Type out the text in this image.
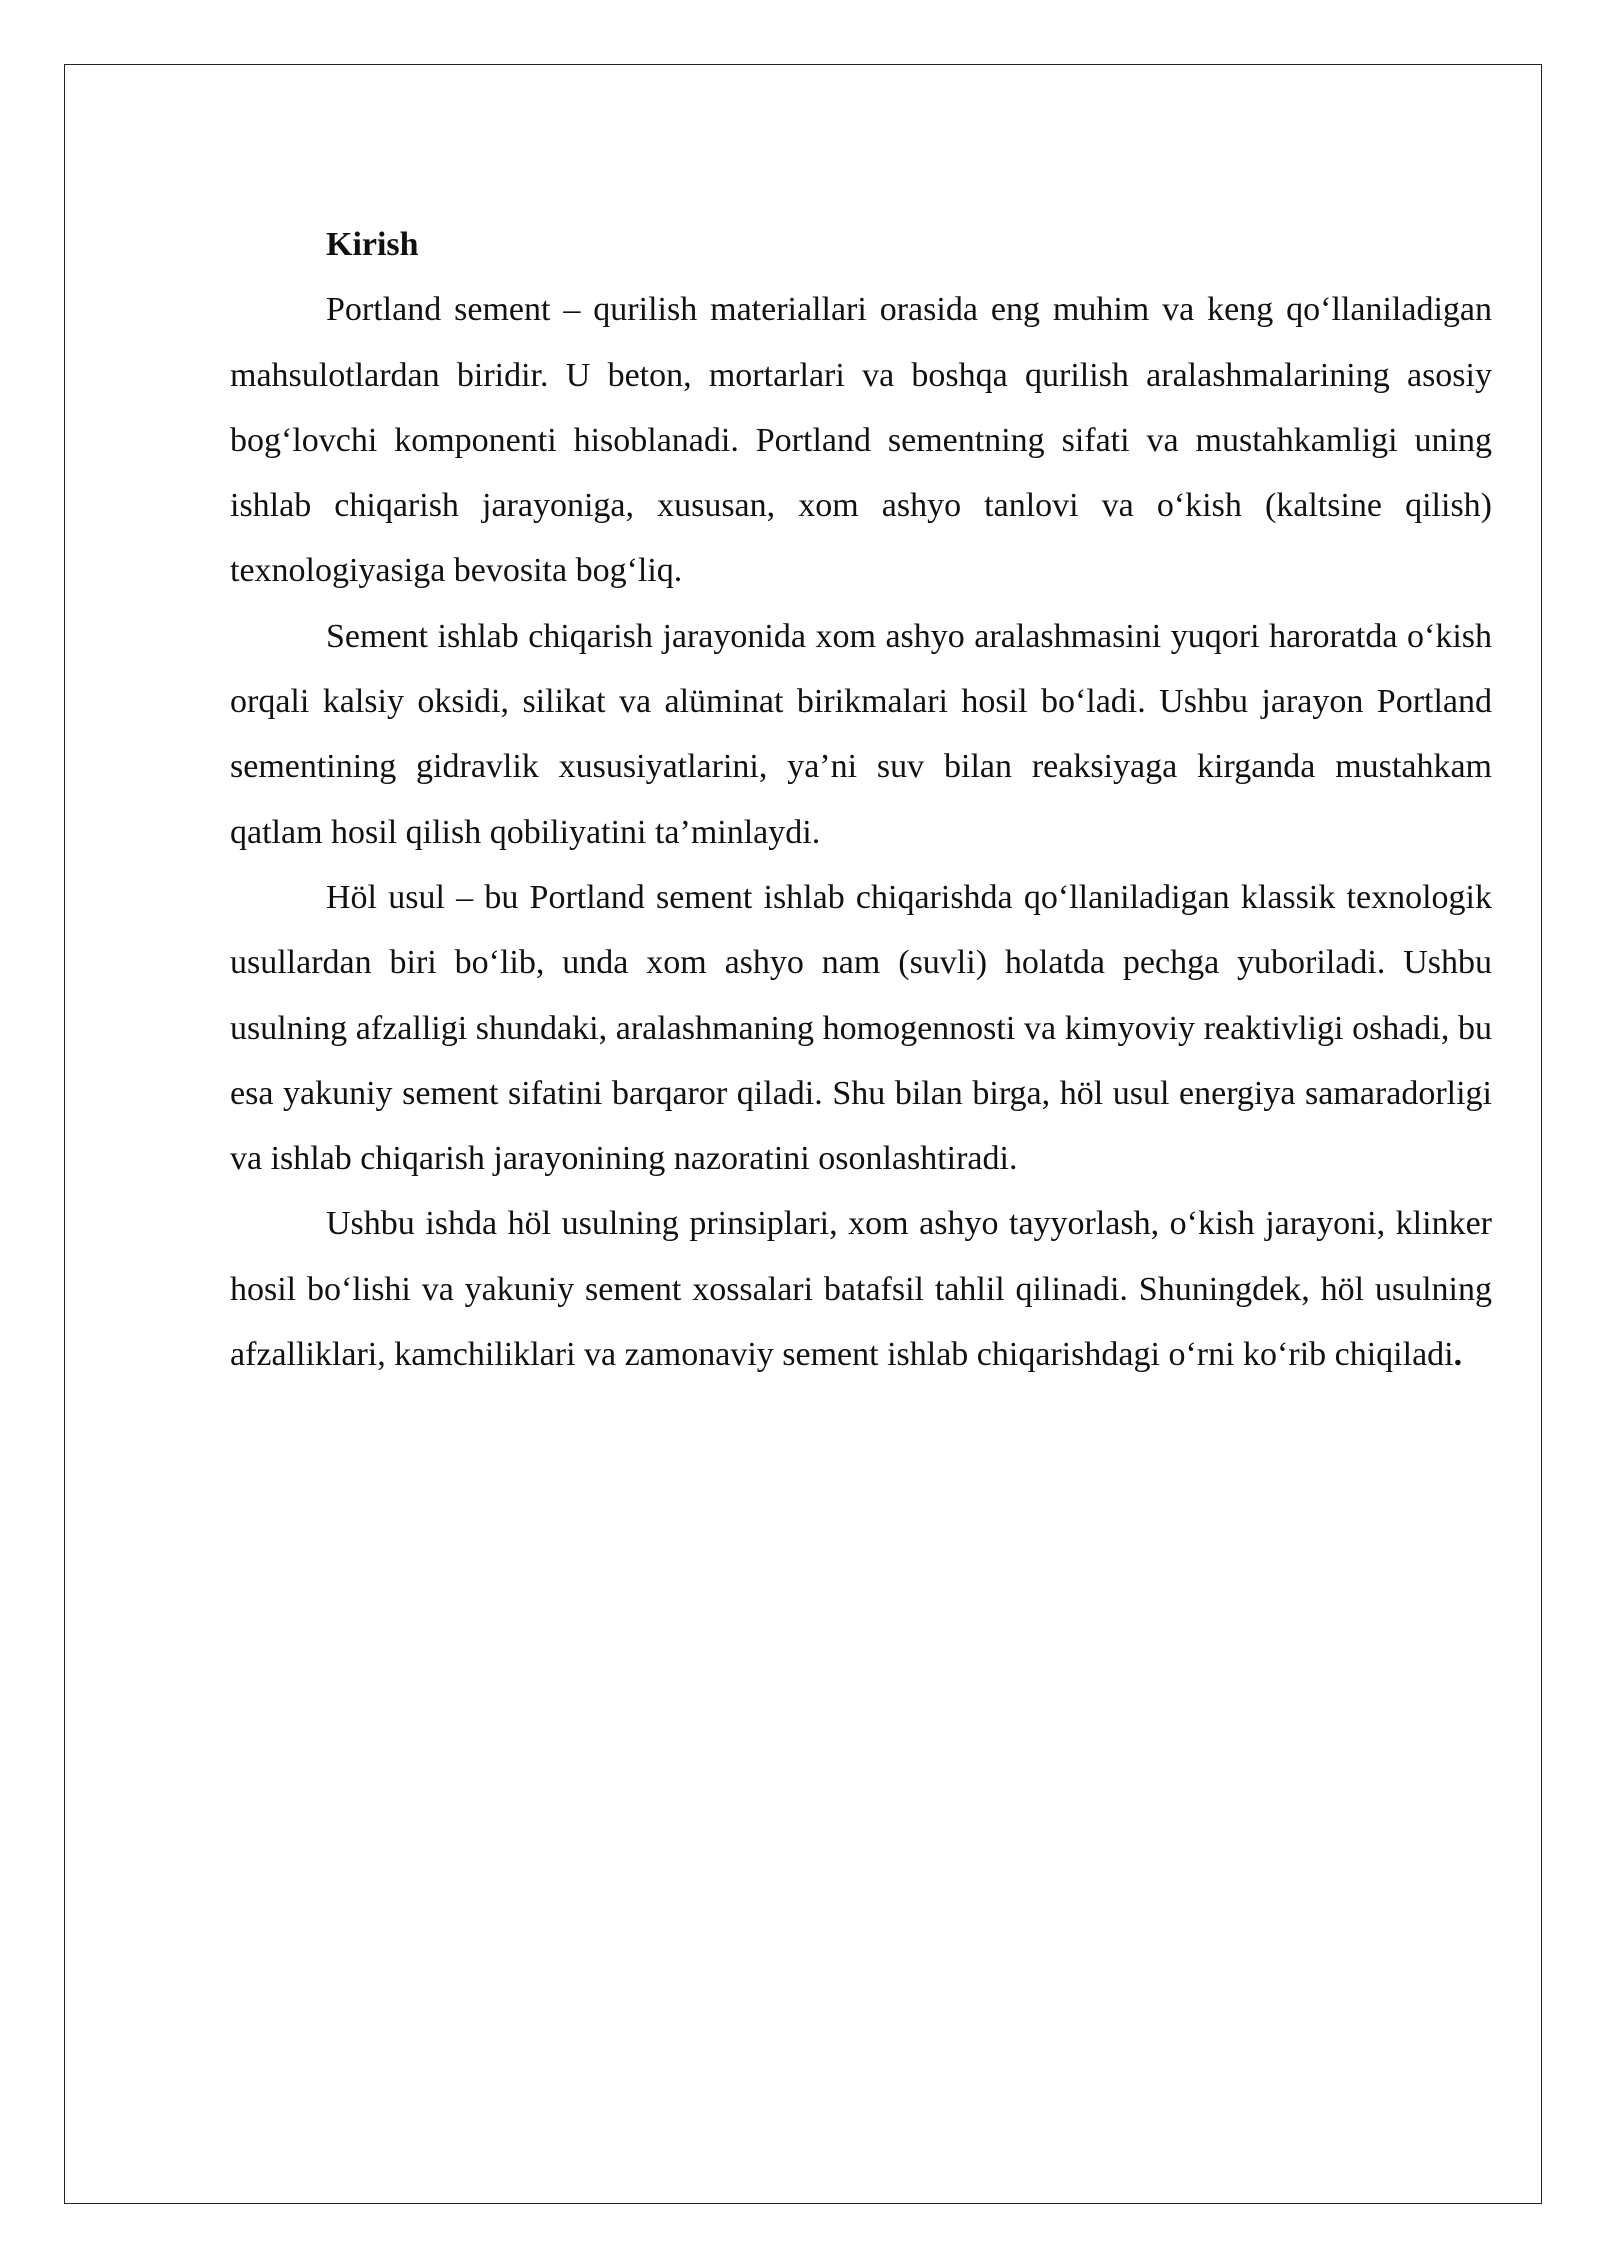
Kirish

Portland sement – qurilish materiallari orasida eng muhim va keng qoʻllaniladigan mahsulotlardan biridir. U beton, mortarlari va boshqa qurilish aralashmalarining asosiy bogʻlovchi komponenti hisoblanadi. Portland sementning sifati va mustahkamligi uning ishlab chiqarish jarayoniga, xususan, xom ashyo tanlovi va oʻkish (kaltsine qilish) texnologiyasiga bevosita bogʻliq.

Sement ishlab chiqarish jarayonida xom ashyo aralashmasini yuqori haroratda oʻkish orqali kalsiy oksidi, silikat va alüminat birikmalari hosil boʻladi. Ushbu jarayon Portland sementining gidravlik xususiyatlarini, ya’ni suv bilan reaksiyaga kirganda mustahkam qatlam hosil qilish qobiliyatini ta’minlaydi.

Höl usul – bu Portland sement ishlab chiqarishda qoʻllaniladigan klassik texnologik usullardan biri boʻlib, unda xom ashyo nam (suvli) holatda pechga yuboriladi. Ushbu usulning afzalligi shundaki, aralashmaning homogennosti va kimyoviy reaktivligi oshadi, bu esa yakuniy sement sifatini barqaror qiladi. Shu bilan birga, höl usul energiya samaradorligi va ishlab chiqarish jarayonining nazoratini osonlashtiradi.

Ushbu ishda höl usulning prinsiplari, xom ashyo tayyorlash, oʻkish jarayoni, klinker hosil boʻlishi va yakuniy sement xossalari batafsil tahlil qilinadi. Shuningdek, höl usulning afzalliklari, kamchiliklari va zamonaviy sement ishlab chiqarishdagi oʻrni koʻrib chiqiladi.
